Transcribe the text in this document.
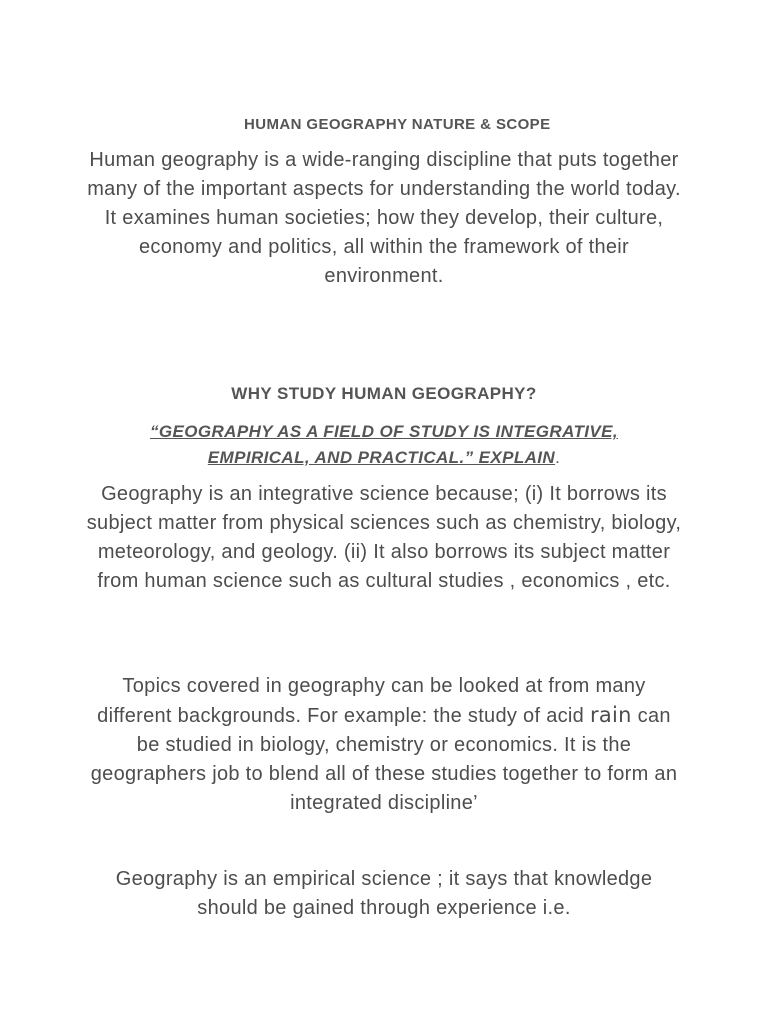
HUMAN GEOGRAPHY NATURE & SCOPE

Human geography is a wide-ranging discipline that puts together many of the important aspects for understanding the world today. It examines human societies; how they develop, their culture, economy and politics, all within the framework of their environment.

WHY STUDY HUMAN GEOGRAPHY?

“GEOGRAPHY AS A FIELD OF STUDY IS INTEGRATIVE,
EMPIRICAL, AND PRACTICAL.” EXPLAIN.

Geography is an integrative science because; (i) It borrows its subject matter from physical sciences such as chemistry, biology, meteorology, and geology. (ii) It also borrows its subject matter from human science such as cultural studies , economics , etc.

Topics covered in geography can be looked at from many different backgrounds. For example: the study of acid rain can be studied in biology, chemistry or economics. It is the geographers job to blend all of these studies together to form an integrated discipline’

Geography is an empirical science ; it says that knowledge should be gained through experience i.e.
